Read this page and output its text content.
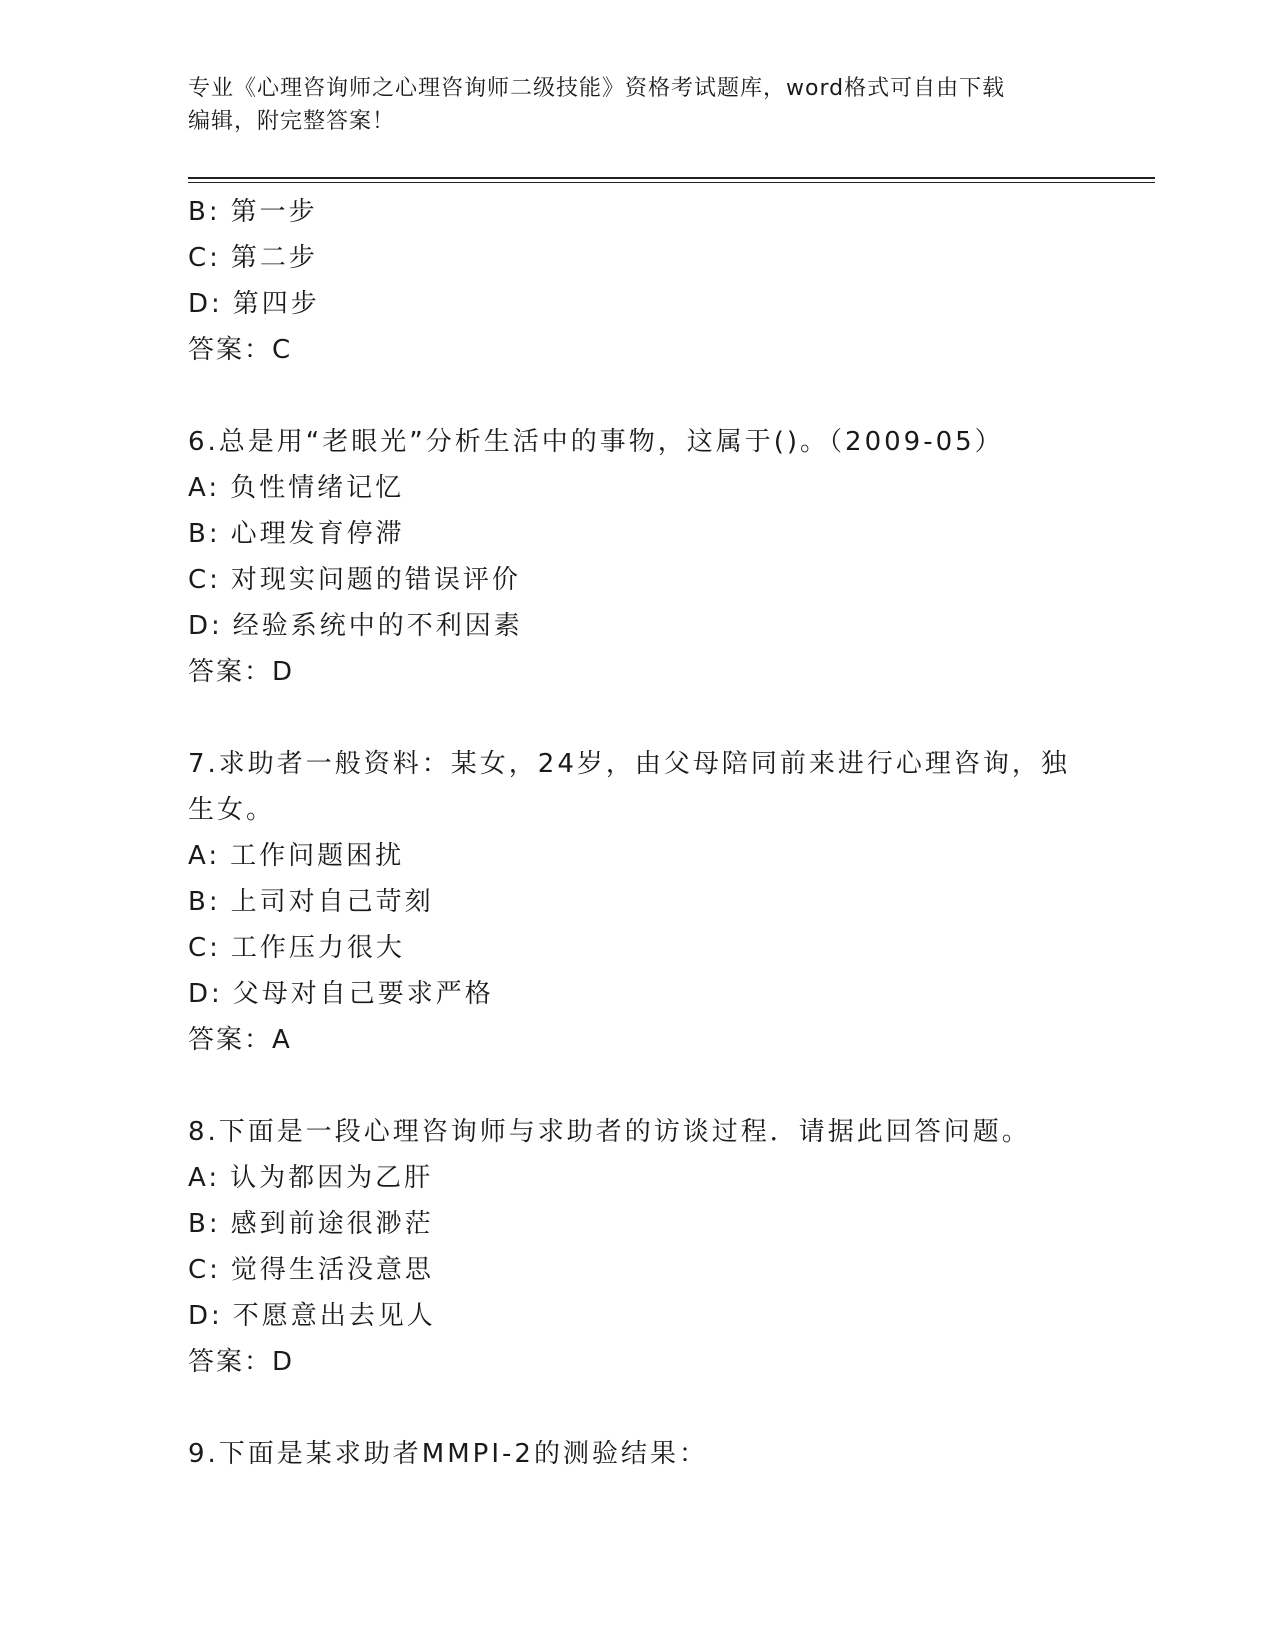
专业《心理咨询师之心理咨询师二级技能》资格考试题库，word格式可自由下载
编辑，附完整答案！
B: 第一步
C: 第二步
D: 第四步
答案：C
6.总是用“老眼光”分析生活中的事物，这属于()。（2009-05）
A: 负性情绪记忆
B: 心理发育停滞
C: 对现实问题的错误评价
D: 经验系统中的不利因素
答案：D
7.求助者一般资料：某女，24岁，由父母陪同前来进行心理咨询，独
生女。
A: 工作问题困扰
B: 上司对自己苛刻
C: 工作压力很大
D: 父母对自己要求严格
答案：A
8.下面是一段心理咨询师与求助者的访谈过程．请据此回答问题。
A: 认为都因为乙肝
B: 感到前途很渺茫
C: 觉得生活没意思
D: 不愿意出去见人
答案：D
9.下面是某求助者MMPI-2的测验结果：
